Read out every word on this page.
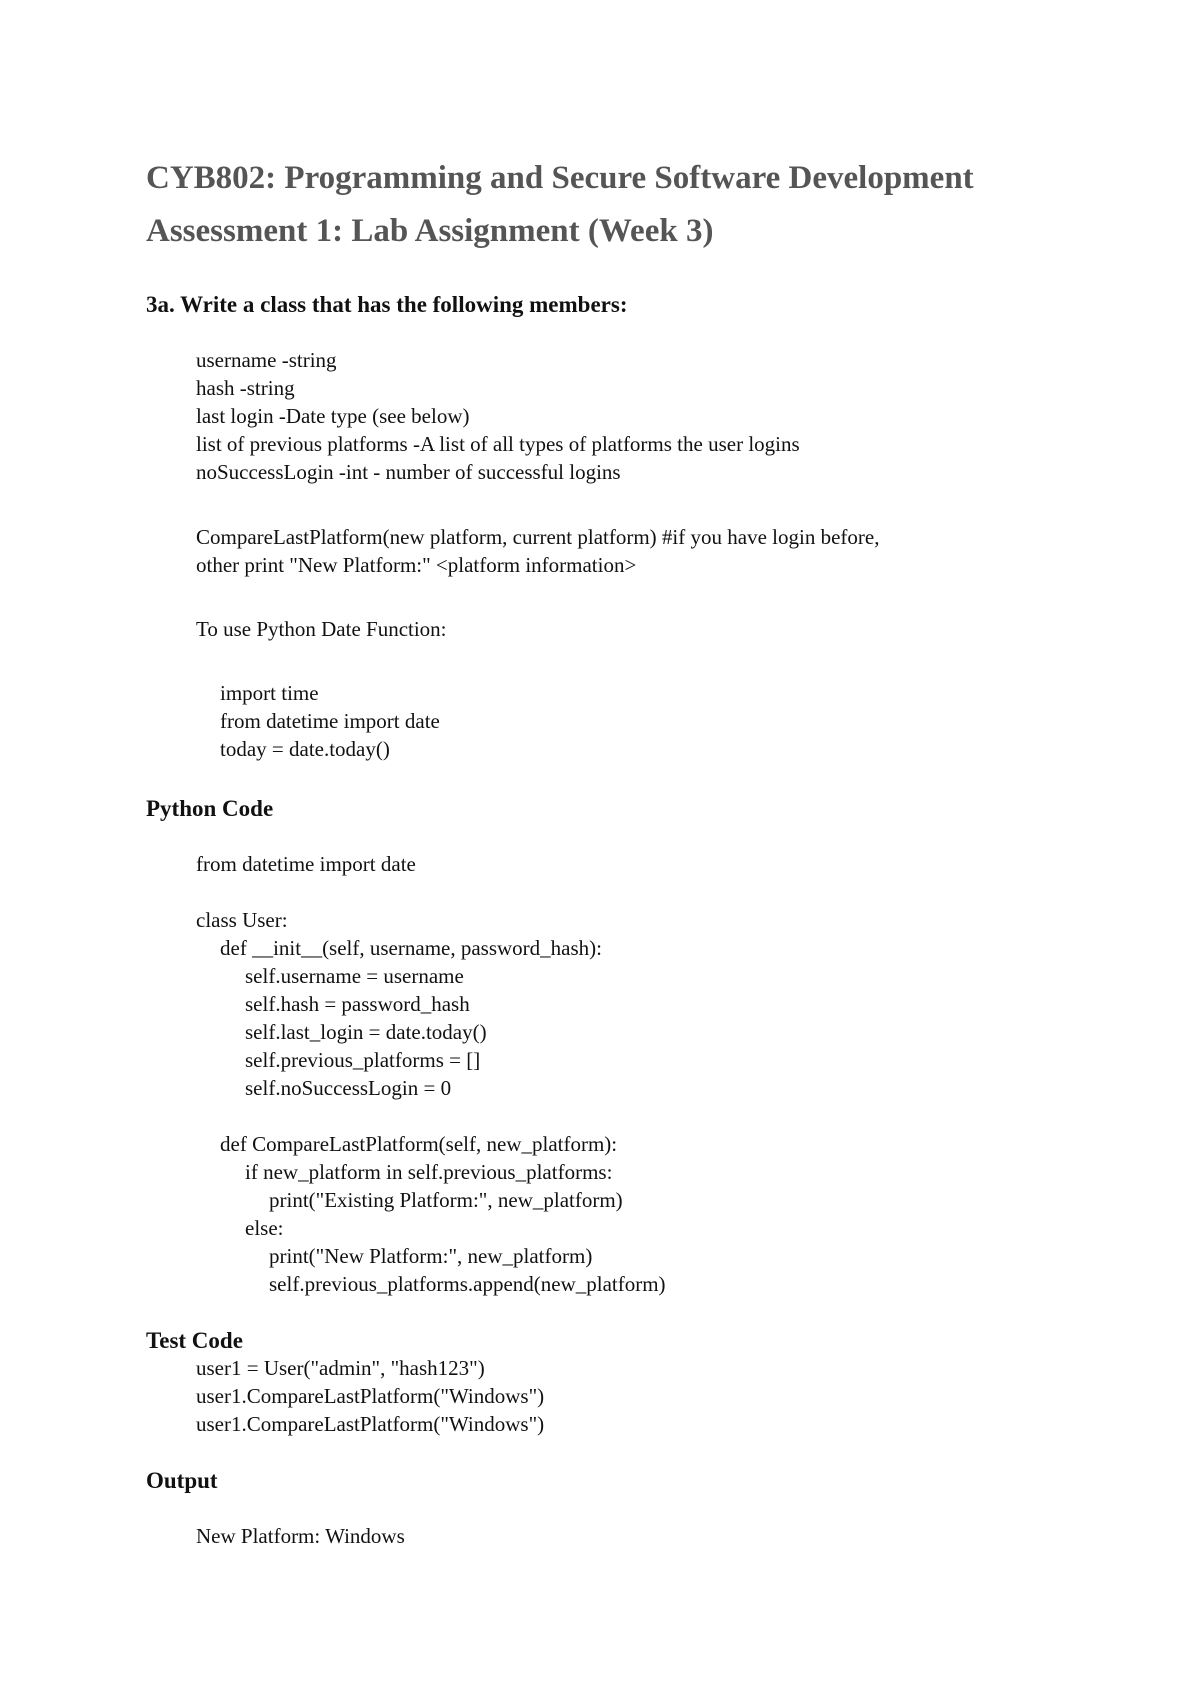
CYB802: Programming and Secure Software Development
Assessment 1: Lab Assignment (Week 3)
3a. Write a class that has the following members:
username -string
hash -string
last login -Date type (see below)
list of previous platforms -A list of all types of platforms the user logins
noSuccessLogin -int - number of successful logins
CompareLastPlatform(new platform, current platform) #if you have login before,
other print "New Platform:" <platform information>
To use Python Date Function:
import time
from datetime import date
today = date.today()
Python Code
from datetime import date
class User:
def __init__(self, username, password_hash):
self.username = username
self.hash = password_hash
self.last_login = date.today()
self.previous_platforms = []
self.noSuccessLogin = 0
def CompareLastPlatform(self, new_platform):
if new_platform in self.previous_platforms:
print("Existing Platform:", new_platform)
else:
print("New Platform:", new_platform)
self.previous_platforms.append(new_platform)
Test Code
user1 = User("admin", "hash123")
user1.CompareLastPlatform("Windows")
user1.CompareLastPlatform("Windows")
Output
New Platform: Windows
